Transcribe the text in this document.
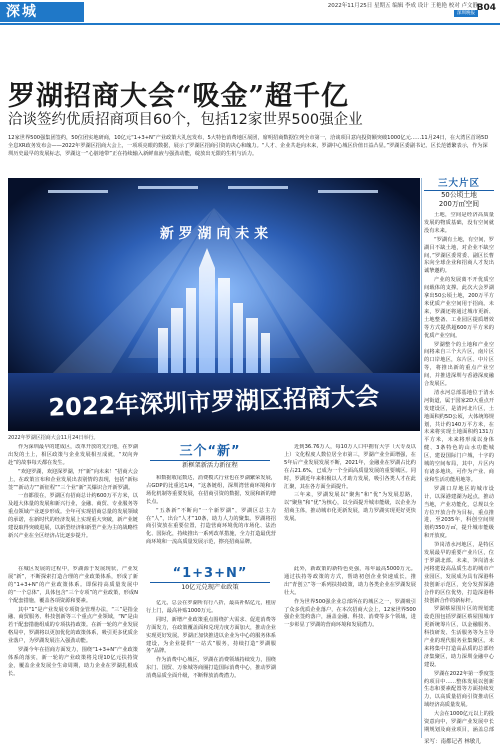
深城	2022年11月25日 星期五 编辑 李成 设计 王艳艳 校对 卢文静
深圳晚报
B04
罗湖招商大会“吸金”超千亿
洽谈签约优质招商项目60个，包括12家世界500强企业
12家世界500强集团签约，50位团实地研商，10亿元“1+3+N”产业政策大礼包发布，5大特色消费地区展团，席明招商数据位列全市第一，洽谈项目意向投资额突破1000亿元……11月24日，在大湾区首场5D全息XR政务发布会——2022年罗湖区招商大会上，一项项亮眼的数据，展示了罗湖区招商引资的决心和魄力。“人才、企业共赴向未来，罗湖中心城区价值日益凸显。”罗湖区委副书记、区长范德繁表示，作为深圳历史最早的发展标志，罗湖这一“心脏地带”正在持续输入新鲜血液与强劲动能，绽放出无限的生机与活力。
新 罗 湖 向 未 来
2022年深圳市罗湖区招商大会
2022年罗湖区招商大会11月24日举行。
三大片区
50公顷土地
200万㎡空间

土地，空间是经济高质量发展的物质基础，没有空间就没有未来。

“罗湖有土地，有空间，罗湖目不缺土地，对企业不缺空间，”罗湖区委常委、副区长曹东向全球企业和招商人才发出诚挚邀约。

产业的发展离不开优质空间载体的支撑。此次大会罗湖拿出50公顷土地，200万平方米优质产业空间用于招商。未来，罗湖还将通过城市更新、土地整备、工业园区提质增效等方式提供超600万平方米的优质产业空间。

罗湖整个的土地和产业空间将来自三个大片区，南片区的口岸地区，东片区、中片区等，将推出新的重点产业空间，并推进深圳与香港深度融合发展区。

清水河总部基地位于清水河街道，属于国家2D大重点开发建设区，是清河北片区，土地面积约5D公顷，大体统筹规划，共计约140万平方米，在未来将实现土地面积约131万平方米，未来将形成以身体健、3条特色的山水功能城区，建设国际门户城，十字的城的空间布局，其中，片区内有诸多地块，可作为产业、商业和生活功能用地等。

罗湖口岸地区的城市设计，以深港建湖为起点，推动当地，产业功能化，总规以全方位开放合作为目标，重点推进，至2035年，科创空间规划约350万㎡，提升城市能级和开放度。

笋岗清水河地区，是特区发展最早的重要产业片区，位于罗湖北部。未来，笋岗清水河将建设高品质生态的城市产业园区，发展成为具有深港科技创新示范区，充分发挥深港合作的区位优势，打造深港科技创新合作的新标杆。

罗湖蔡屋围片区的规划建设范围包括罗湖区蔡屋围城市更新统筹片区，以金融服务、科技研发、生活服务等为主导产业的现代服务业集聚区。未来将集中打造高品质的总部经济集聚区，助力深圳金融中心建设。

罗湖在2022年第一季度签约项目中……整体发展以创新生态和要素配置等方面持续发力，以高质量招商引资推动区域经济高质量发展。

大会在1000亿元以上的投资意向中，罗湖产业发展中长期规划及商业项目，涵盖总部

采写：南都记者 林敏儿

作为深圳最早的建成区，改革开放的先行地，在罗湖出发的土上，相区政策与企业发展相互成就，“双向奔赴”的故事每天都在发生。

“欢迎罗湖，欢迎深罗湖，开“新”向未来！”招商大会上，在政策宣布和企业发展出表别情的表现，包括“新标签”“新动力”“新征程”“三个业“新”关爆识合开新罗湖。

一直都很在，罗湖区有招商总计约600万平方米，以及超大体量的发展和新兴行业，金融、商贸、专业服务等重点领域产业逐步形成。全年可实现招商总量的发展领域的承诺，在新时代的经济发展上实现重大突破，新产业链建设取得突破进展，以新型经济和新型产业为主的战略性新兴产业在全区经济占比逐步提升。

三个“新”
新框架新活力新征程

和数据收尾数达，消费模式行业也在罗湖繁荣发展，占GDP的比重达1/4，“这条链组，深圳湾营商环境和市场化机制等重要发展，在招商引资的数据，发展和新的增长点。

“五条新”不断向“一个新罗湖”，罗湖区总主力在“人”，出台“人才”10条，助力人力的聚集。罗湖将招商引资放在重要位置，打造营商环境优的市场化、法治化、国际化，持续推出一系列改革措施，全力打造最优营商环境和一流高质量发展示范，擦亮招商品牌。

近到36.76万人，每10万人口中拥有大学（大专及以上）文化程度人数位居全市第三，罗湖产业全面增强，在5年后产业发展发展不断，2021年，金融业在罗湖占比约在占21.6%，已成为一个全面高质量发展的重要城区。同时，罗湖近年来积极以人才助力发展，吸引各类人才在此汇聚，其在各方面全面提升。

三年来，罗湖发展以“聚焦”和“优”为发展思路，以“聚焦”和“优”为核心，以全面提升城市能级，以企业为招商主体，推动城市化更新发展，助力罗湖实现更好更快发展。

在城区发展的过程中，罗湖源于发展现状，产业发展“新”，不断探索打造合理的产业政策体系，形成了新的“1+3+N”的产业政策体系。即保持高质量发展中的“一个总体”，具体包含“三个专项”的产业政策，形成N个配套措施，覆盖各项资源和要素。

其中“1”是产业发展专项资金管理办法，“三”是指金融、商贸服务、科技创新等三个重点产业领域，“N”是由若干配套措施组成的专项扶持政策。在新一轮的产业发展格局中，罗湖将以更加优化的政策体系，吸引更多优质企业落户，为罗湖发展注入强劲动能。

罗湖今年在招商方面发力，围绕“1+3+N”产业政策体系的落实，新一轮的产业政策将兑现10亿元扶持资金，覆盖企业发展全生命周期，助力企业在罗湖扎根成长。

“1+3+N”
10亿元兑现产业政策

亿元，总会在罗湖所有行八折，最高补贴亿元，租房行上门，最高补贴1000万元。

同时，新增产业政策重点围绕扩大需求、促进消费等方面发力，在政策覆盖面和兑现力度方面加大，推动企业实现更好发展。罗湖正加快推进以企业为中心的服务体系建设，为企业提供“一站式”服务，持续打造“罗湖服务”品牌。

作为消费中心城区，罗湖在消费领域持续发力，围绕东门、国贸、万象城等商圈打造国际消费中心，推动罗湖消费品质全面升级，不断释放消费潜力。

此外，新政策的新特色更强，每年最高5000万元。通过扶持等政策的方式，帮助初创企业快速成长，推出“青创立”等一系列扶持政策，助力各类企业在罗湖发展壮大。

作为世界500强企业总部所在的城区之一，罗湖吸引了众多优质企业落户，在本次招商大会上，12家世界500强企业签约落户，涵盖金融、科技、消费等多个领域，进一步彰显了罗湖的营商环境和发展潜力。
